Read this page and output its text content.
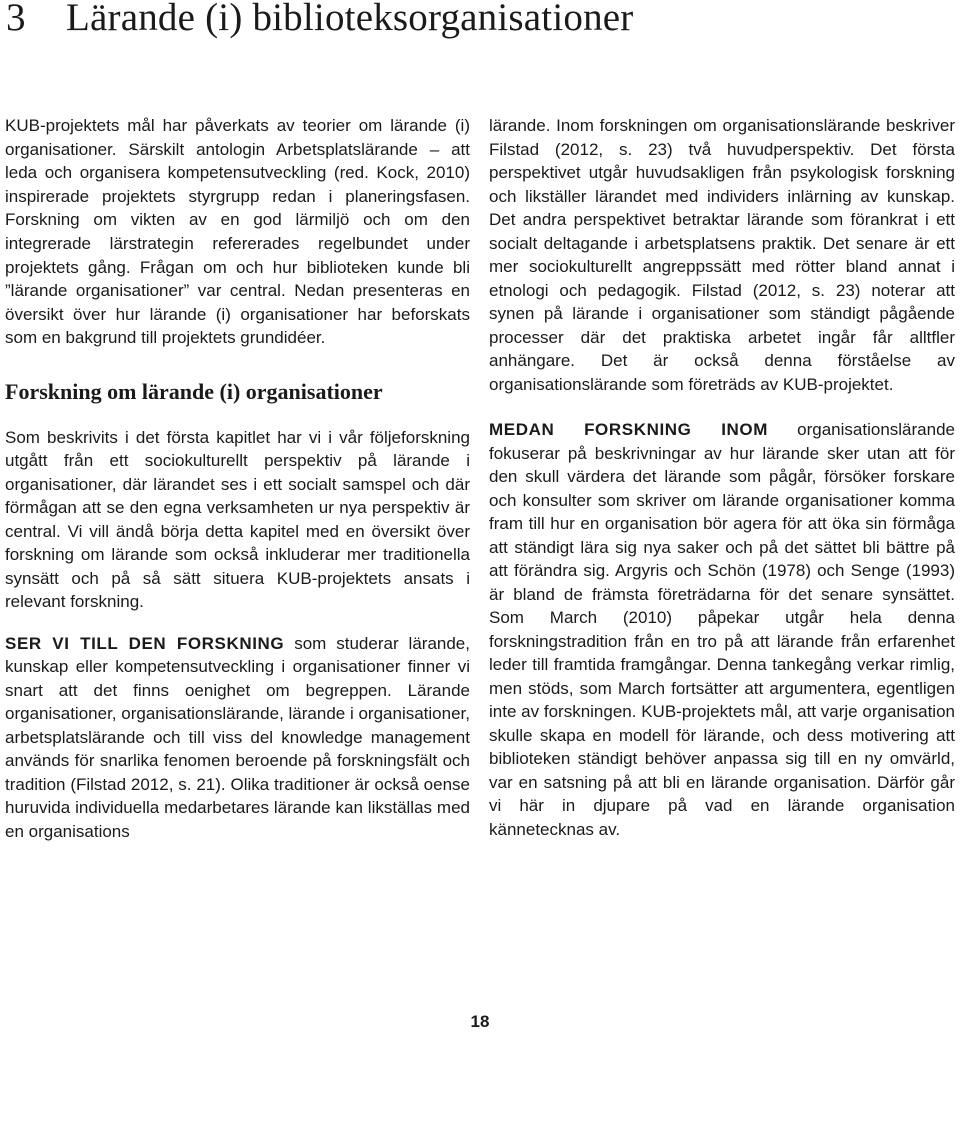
3 Lärande (i) biblioteksorganisationer

KUB-projektets mål har påverkats av teorier om lärande (i) organisationer. Särskilt antologin Arbetsplatslärande – att leda och organisera kompetensutveckling (red. Kock, 2010) inspirerade projektets styrgrupp redan i planeringsfasen. Forskning om vikten av en god lärmiljö och om den integrerade lärstrategin refererades regelbundet under projektets gång. Frågan om och hur biblioteken kunde bli ”lärande organisationer” var central. Nedan presenteras en översikt över hur lärande (i) organisationer har beforskats som en bakgrund till projektets grundidéer.

Forskning om lärande (i) organisationer

Som beskrivits i det första kapitlet har vi i vår följeforskning utgått från ett sociokulturellt perspektiv på lärande i organisationer, där lärandet ses i ett socialt samspel och där förmågan att se den egna verksamheten ur nya perspektiv är central. Vi vill ändå börja detta kapitel med en översikt över forskning om lärande som också inkluderar mer traditionella synsätt och på så sätt situera KUB-projektets ansats i relevant forskning.

SER VI TILL DEN FORSKNING som studerar lärande, kunskap eller kompetensutveckling i organisationer finner vi snart att det finns oenighet om begreppen. Lärande organisationer, organisationslärande, lärande i organisationer, arbetsplatslärande och till viss del knowledge management används för snarlika fenomen beroende på forskningsfält och tradition (Filstad 2012, s. 21). Olika traditioner är också oense huruvida individuella medarbetares lärande kan likställas med en organisations

lärande. Inom forskningen om organisationslärande beskriver Filstad (2012, s. 23) två huvudperspektiv. Det första perspektivet utgår huvudsakligen från psykologisk forskning och likställer lärandet med individers inlärning av kunskap. Det andra perspektivet betraktar lärande som förankrat i ett socialt deltagande i arbetsplatsens praktik. Det senare är ett mer sociokulturellt angreppssätt med rötter bland annat i etnologi och pedagogik. Filstad (2012, s. 23) noterar att synen på lärande i organisationer som ständigt pågående processer där det praktiska arbetet ingår får alltfler anhängare. Det är också denna förståelse av organisationslärande som företräds av KUB-projektet.

MEDAN FORSKNING INOM organisationslärande fokuserar på beskrivningar av hur lärande sker utan att för den skull värdera det lärande som pågår, försöker forskare och konsulter som skriver om lärande organisationer komma fram till hur en organisation bör agera för att öka sin förmåga att ständigt lära sig nya saker och på det sättet bli bättre på att förändra sig. Argyris och Schön (1978) och Senge (1993) är bland de främsta företrädarna för det senare synsättet. Som March (2010) påpekar utgår hela denna forskningstradition från en tro på att lärande från erfarenhet leder till framtida framgångar. Denna tankegång verkar rimlig, men stöds, som March fortsätter att argumentera, egentligen inte av forskningen. KUB-projektets mål, att varje organisation skulle skapa en modell för lärande, och dess motivering att biblioteken ständigt behöver anpassa sig till en ny omvärld, var en satsning på att bli en lärande organisation. Därför går vi här in djupare på vad en lärande organisation kännetecknas av.

18
